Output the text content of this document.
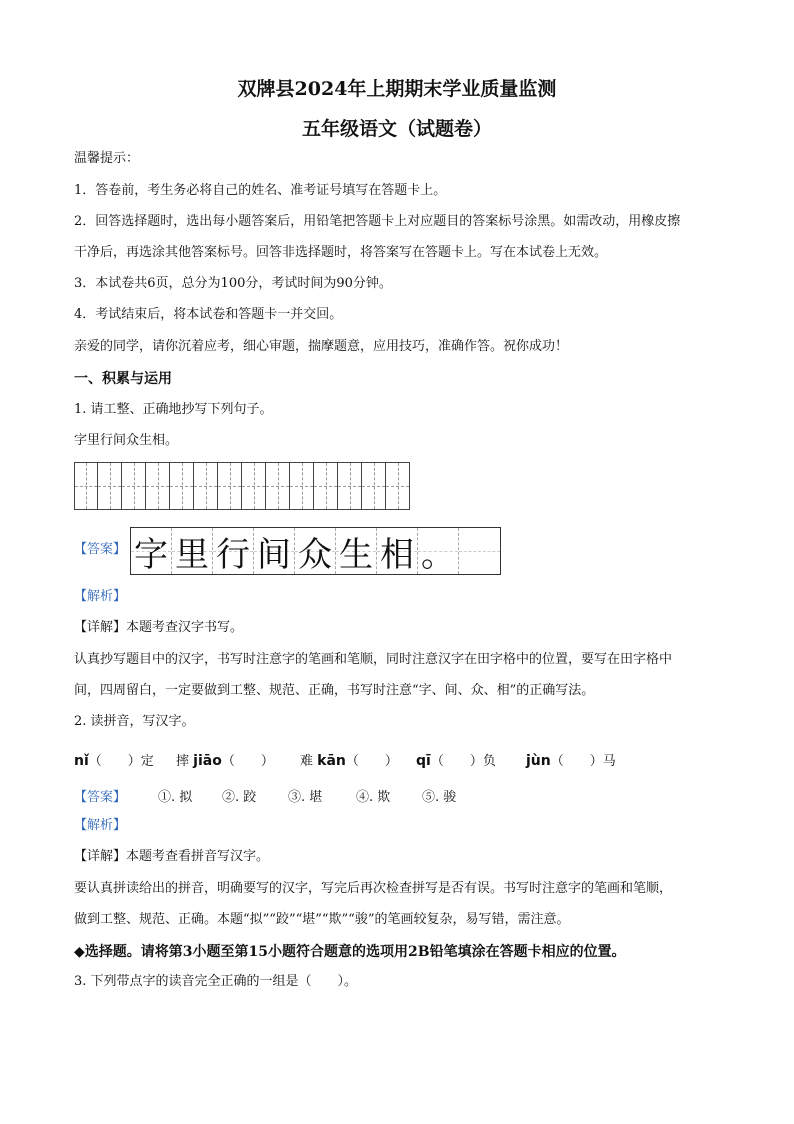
双牌县2024年上期期末学业质量监测
五年级语文（试题卷）
温馨提示：
1．答卷前，考生务必将自己的姓名、准考证号填写在答题卡上。
2．回答选择题时，选出每小题答案后，用铅笔把答题卡上对应题目的答案标号涂黑。如需改动，用橡皮擦
干净后，再选涂其他答案标号。回答非选择题时，将答案写在答题卡上。写在本试卷上无效。
3．本试卷共6页，总分为100分，考试时间为90分钟。
4．考试结束后，将本试卷和答题卡一并交回。
亲爱的同学，请你沉着应考，细心审题，揣摩题意，应用技巧，准确作答。祝你成功！
一、积累与运用
1. 请工整、正确地抄写下列句子。
字里行间众生相。
【答案】 字 里 行 间 众 生 相 。
【解析】
【详解】本题考查汉字书写。
认真抄写题目中的汉字，书写时注意字的笔画和笔顺，同时注意汉字在田字格中的位置，要写在田字格中
间，四周留白，一定要做到工整、规范、正确，书写时注意“字、间、众、相”的正确写法。
2. 读拼音，写汉字。
nǐ（　　）定 摔 jiāo（　　） 难 kān（　　） qī（　　）负 jùn（　　）马
【答案】 ①. 拟 ②. 跤 ③. 堪	④. 欺 ⑤. 骏
【解析】
【详解】本题考查看拼音写汉字。
要认真拼读给出的拼音，明确要写的汉字，写完后再次检查拼写是否有误。书写时注意字的笔画和笔顺，
做到工整、规范、正确。本题“拟”“跤”“堪”“欺”“骏”的笔画较复杂，易写错，需注意。
◆选择题。请将第3小题至第15小题符合题意的选项用2B铅笔填涂在答题卡相应的位置。
3. 下列带点字的读音完全正确的一组是（　　）。
